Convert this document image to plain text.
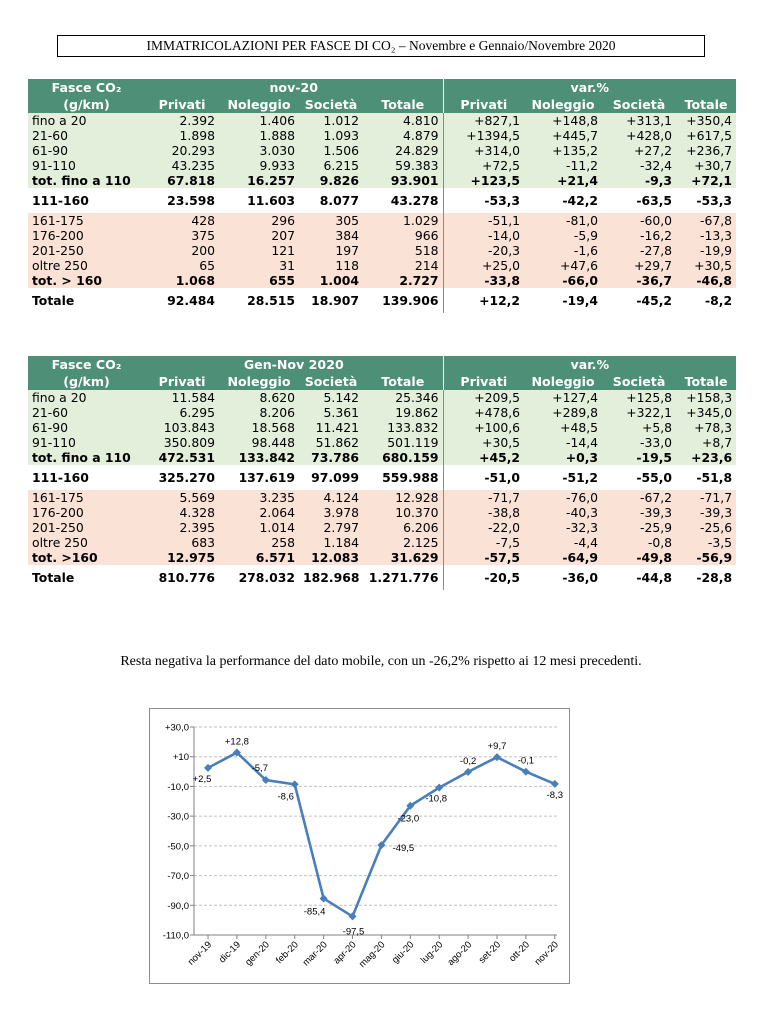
IMMATRICOLAZIONI PER FASCE DI CO₂ – Novembre e Gennaio/Novembre 2020
Fasce CO₂	nov-20				var.%			
(g/km)	Privati	Noleggio	Società	Totale	Privati	Noleggio	Società	Totale
fino a 20	2.392	1.406	1.012	4.810	+827,1	+148,8	+313,1	+350,4
21-60	1.898	1.888	1.093	4.879	+1394,5	+445,7	+428,0	+617,5
61-90	20.293	3.030	1.506	24.829	+314,0	+135,2	+27,2	+236,7
91-110	43.235	9.933	6.215	59.383	+72,5	-11,2	-32,4	+30,7
tot. fino a 110	67.818	16.257	9.826	93.901	+123,5	+21,4	-9,3	+72,1
111-160	23.598	11.603	8.077	43.278	-53,3	-42,2	-63,5	-53,3
161-175	428	296	305	1.029	-51,1	-81,0	-60,0	-67,8
176-200	375	207	384	966	-14,0	-5,9	-16,2	-13,3
201-250	200	121	197	518	-20,3	-1,6	-27,8	-19,9
oltre 250	65	31	118	214	+25,0	+47,6	+29,7	+30,5
tot. > 160	1.068	655	1.004	2.727	-33,8	-66,0	-36,7	-46,8
Totale	92.484	28.515	18.907	139.906	+12,2	-19,4	-45,2	-8,2
Fasce CO₂	Gen-Nov 2020				var.%			
(g/km)	Privati	Noleggio	Società	Totale	Privati	Noleggio	Società	Totale
fino a 20	11.584	8.620	5.142	25.346	+209,5	+127,4	+125,8	+158,3
21-60	6.295	8.206	5.361	19.862	+478,6	+289,8	+322,1	+345,0
61-90	103.843	18.568	11.421	133.832	+100,6	+48,5	+5,8	+78,3
91-110	350.809	98.448	51.862	501.119	+30,5	-14,4	-33,0	+8,7
tot. fino a 110	472.531	133.842	73.786	680.159	+45,2	+0,3	-19,5	+23,6
111-160	325.270	137.619	97.099	559.988	-51,0	-51,2	-55,0	-51,8
161-175	5.569	3.235	4.124	12.928	-71,7	-76,0	-67,2	-71,7
176-200	4.328	2.064	3.978	10.370	-38,8	-40,3	-39,3	-39,3
201-250	2.395	1.014	2.797	6.206	-22,0	-32,3	-25,9	-25,6
oltre 250	683	258	1.184	2.125	-7,5	-4,4	-0,8	-3,5
tot. >160	12.975	6.571	12.083	31.629	-57,5	-64,9	-49,8	-56,9
Totale	810.776	278.032	182.968	1.271.776	-20,5	-36,0	-44,8	-28,8
Resta negativa la performance del dato mobile, con un -26,2% rispetto ai 12 mesi precedenti.
+30,0
+10
-10,0
-30,0
-50,0
-70,0
-90,0
-110,0
nov-19 dic-19 gen-20 feb-20 mar-20 apr-20
mag-20 giu-20 lug-20 ago-20 set-20 ott-20 nov-20
+2,5
+12,8
-5,7
-8,6
-85,4
-97,5
-49,5
-23,0
-10,8
-0,2
+9,7
-0,1
-8,3
